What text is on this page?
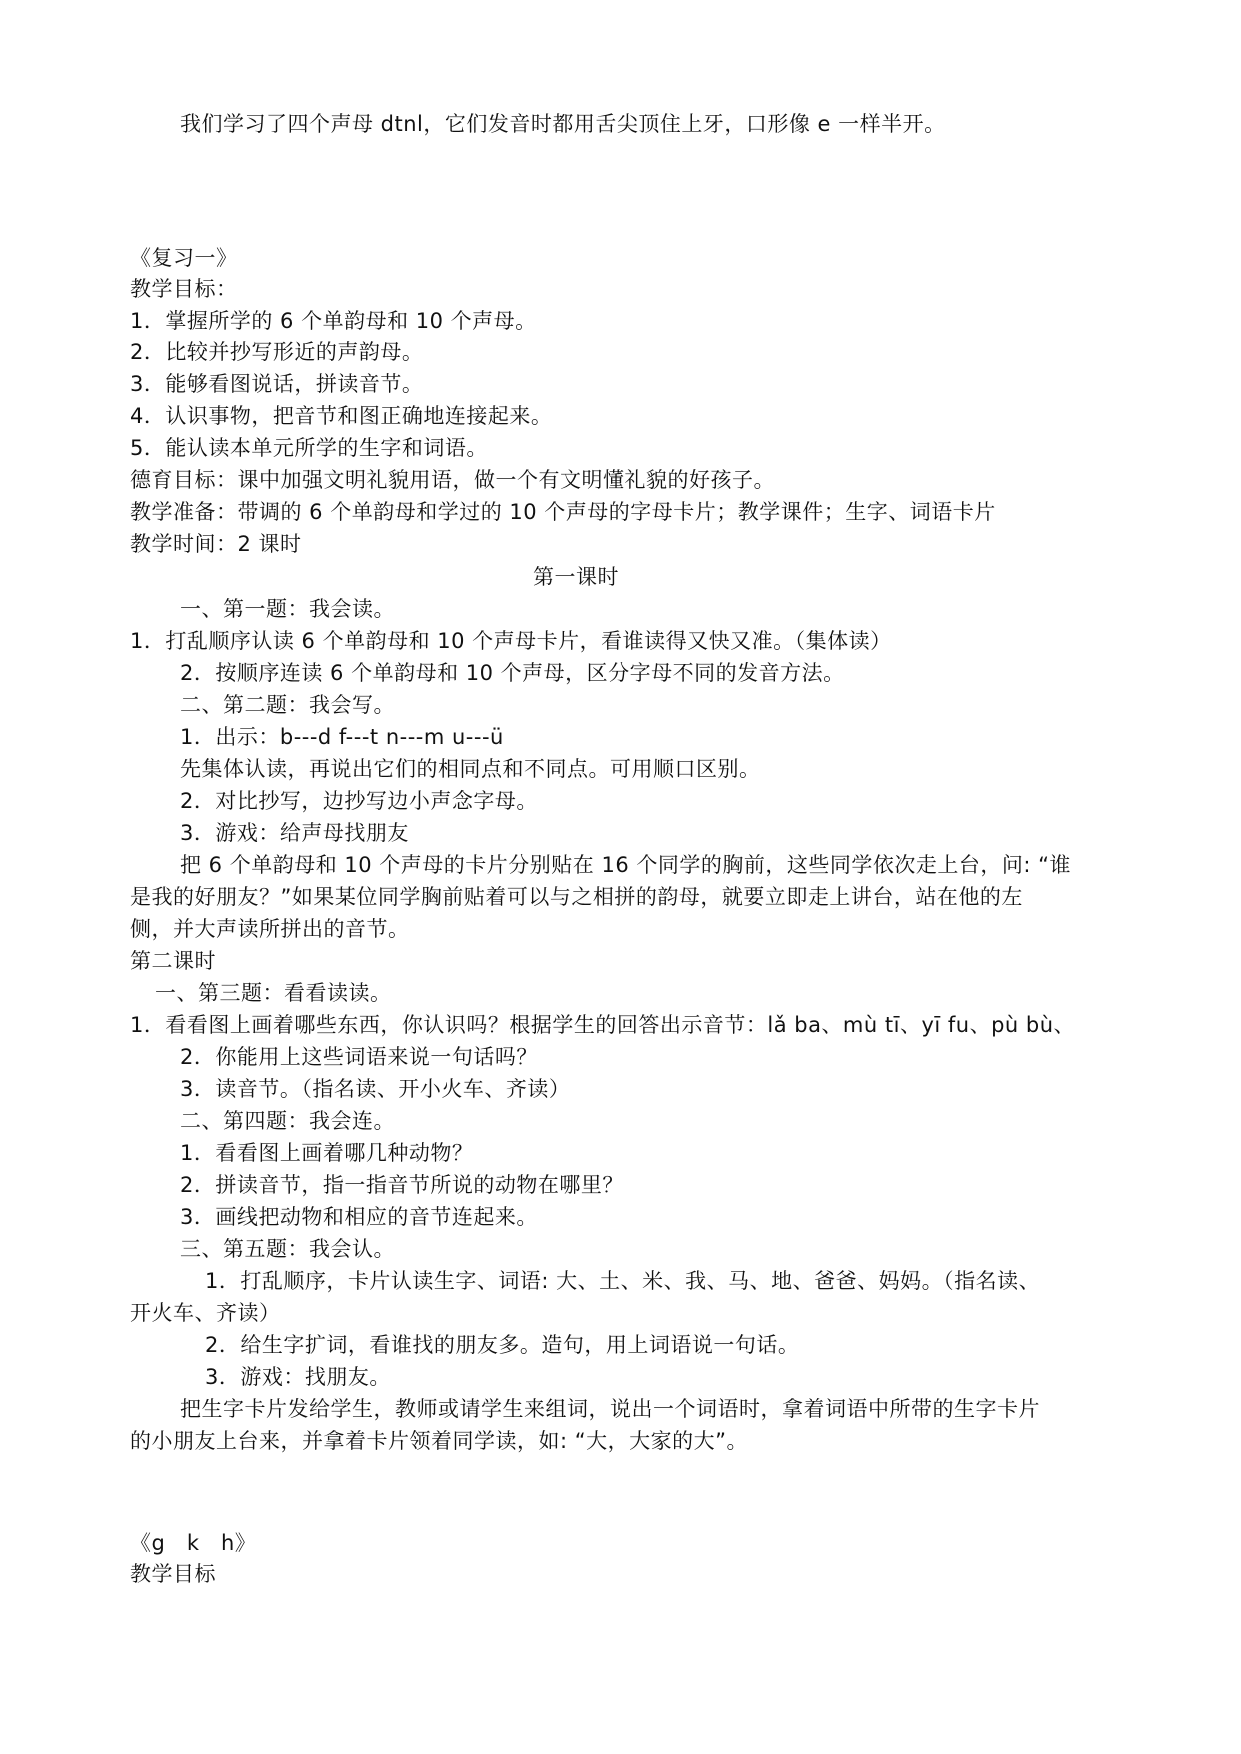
我们学习了四个声母 dtnl，它们发音时都用舌尖顶住上牙，口形像 e 一样半开。
《复习一》
教学目标：
1．掌握所学的 6 个单韵母和 10 个声母。
2．比较并抄写形近的声韵母。
3．能够看图说话，拼读音节。
4．认识事物，把音节和图正确地连接起来。
5．能认读本单元所学的生字和词语。
德育目标：课中加强文明礼貌用语，做一个有文明懂礼貌的好孩子。
教学准备：带调的 6 个单韵母和学过的 10 个声母的字母卡片；教学课件；生字、词语卡片
教学时间：2 课时
第一课时
一、第一题：我会读。
1．打乱顺序认读 6 个单韵母和 10 个声母卡片，看谁读得又快又准。（集体读）
2．按顺序连读 6 个单韵母和 10 个声母，区分字母不同的发音方法。
二、第二题：我会写。
1．出示：b---d f---t n---m u---ü
先集体认读，再说出它们的相同点和不同点。可用顺口区别。
2．对比抄写，边抄写边小声念字母。
3．游戏：给声母找朋友
把 6 个单韵母和 10 个声母的卡片分别贴在 16 个同学的胸前，这些同学依次走上台，问: “谁
是我的好朋友？”如果某位同学胸前贴着可以与之相拼的韵母，就要立即走上讲台，站在他的左
侧，并大声读所拼出的音节。
第二课时
一、第三题：看看读读。
1．看看图上画着哪些东西，你认识吗？根据学生的回答出示音节：lǎ ba、mù tī、yī fu、pù bù、
2．你能用上这些词语来说一句话吗？
3．读音节。（指名读、开小火车、齐读）
二、第四题：我会连。
1．看看图上画着哪几种动物？
2．拼读音节，指一指音节所说的动物在哪里？
3．画线把动物和相应的音节连起来。
三、第五题：我会认。
1．打乱顺序，卡片认读生字、词语: 大、土、米、我、马、地、爸爸、妈妈。（指名读、
开火车、齐读）
2．给生字扩词，看谁找的朋友多。造句，用上词语说一句话。
3．游戏：找朋友。
把生字卡片发给学生，教师或请学生来组词，说出一个词语时，拿着词语中所带的生字卡片
的小朋友上台来，并拿着卡片领着同学读，如: “大，大家的大”。
《g　k　h》
教学目标
